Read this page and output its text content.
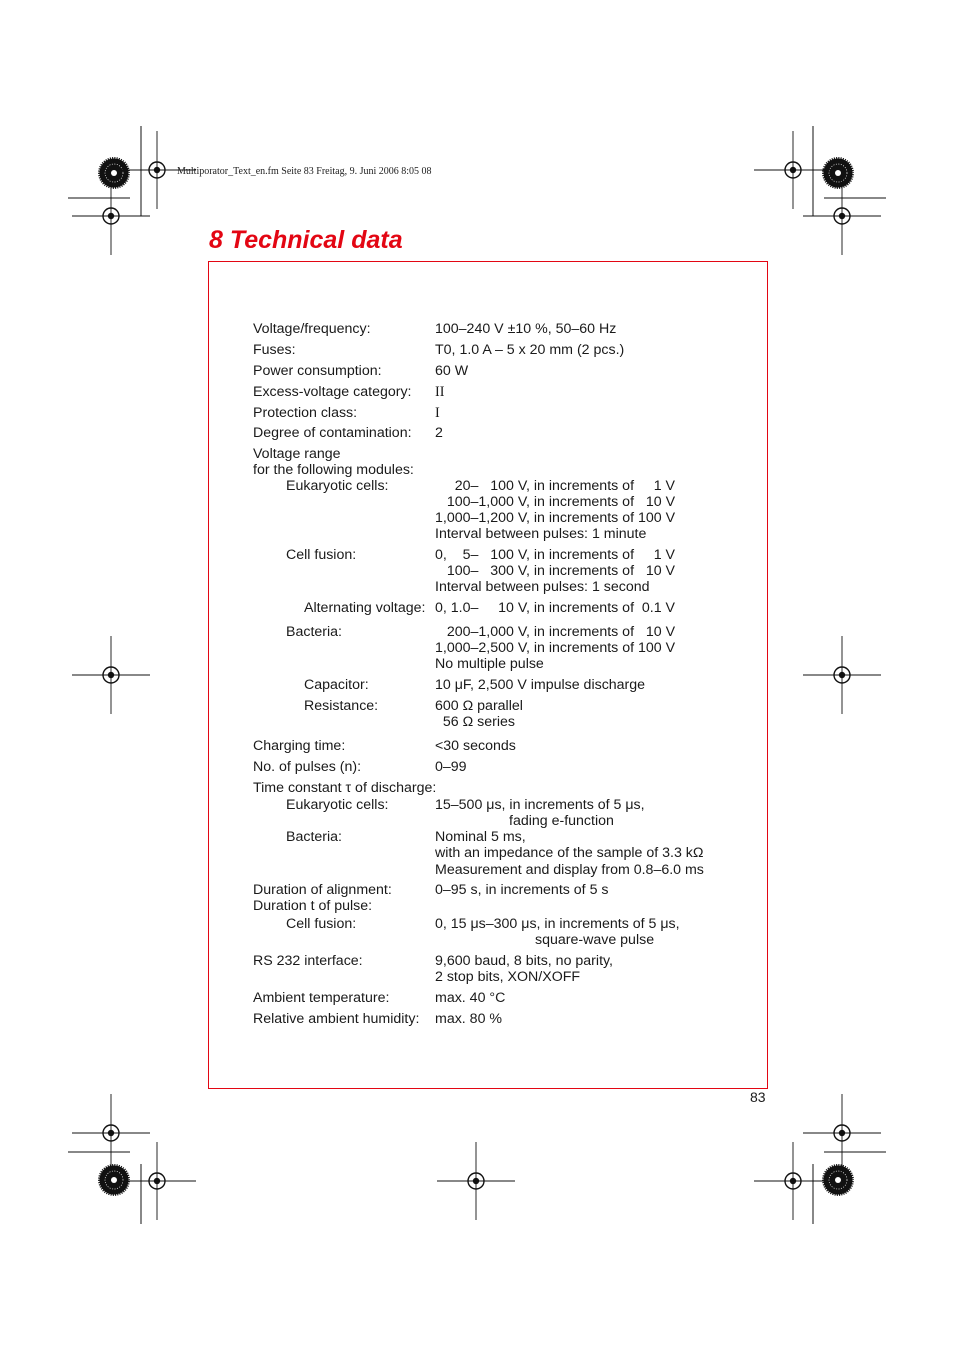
Multiporator_Text_en.fm Seite 83 Freitag, 9. Juni 2006 8:05 08
8 Technical data
Voltage/frequency:	100–240 V ±10 %, 50–60 Hz
Fuses:	T0, 1.0 A – 5 x 20 mm (2 pcs.)
Power consumption:	60 W
Excess-voltage category: II
Protection class:	I
Degree of contamination: 2
Voltage range
for the following modules:
Eukaryotic cells:	20–   100 V, in increments of     1 V
100–1,000 V, in increments of   10 V
1,000–1,200 V, in increments of 100 V
Interval between pulses: 1 minute
Cell fusion:	0,    5–   100 V, in increments of     1 V
100–   300 V, in increments of   10 V
Interval between pulses: 1 second
Alternating voltage: 0, 1.0–     10 V, in increments of  0.1 V
Bacteria:	200–1,000 V, in increments of   10 V
1,000–2,500 V, in increments of 100 V
No multiple pulse
Capacitor:	10 μF, 2,500 V impulse discharge
Resistance:	600 Ω parallel
56 Ω series
Charging time:	<30 seconds
No. of pulses (n):	0–99
Time constant τ of discharge:
Eukaryotic cells:	15–500 μs, in increments of 5 μs,
fading e-function
Bacteria:	Nominal 5 ms,
with an impedance of the sample of 3.3 kΩ
Measurement and display from 0.8–6.0 ms
Duration of alignment:	0–95 s, in increments of 5 s
Duration t of pulse:
Cell fusion:	0, 15 μs–300 μs, in increments of 5 μs,
square-wave pulse
RS 232 interface:	9,600 baud, 8 bits, no parity,
2 stop bits, XON/XOFF
Ambient temperature:	max. 40 °C
Relative ambient humidity: max. 80 %
83
